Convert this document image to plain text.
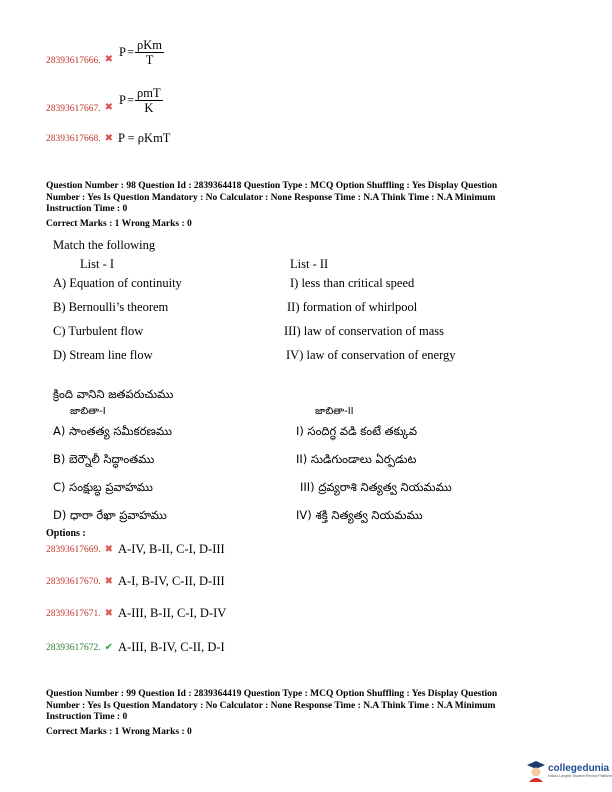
28393617666. ✖
$P = \frac{\text{ρKm}}{T}$
28393617667. ✖
$P = \frac{\text{ρmT}}{K}$
28393617668. ✖ P = ρKmT
Question Number : 98 Question Id : 2839364418 Question Type : MCQ Option Shuffling : Yes Display Question
Number : Yes Is Question Mandatory : No Calculator : None Response Time : N.A Think Time : N.A Minimum
Instruction Time : 0
Correct Marks : 1 Wrong Marks : 0
Match the following
List - I	List - II
A) Equation of continuity
B) Bernoulli’s theorem
C) Turbulent flow
D) Stream line flow
I) less than critical speed
II) formation of whirlpool
III) law of conservation of mass
IV) law of conservation of energy
క్రింది వానిని జతపరుచుము
జాబితా-I	జాబితా-II
A) సాంతత్య సమీకరణము
B) బెర్నౌలీ సిద్ధాంతము
C) సంక్షుబ్ధ ప్రవాహము
D) ధారా రేఖా ప్రవాహము
I) సందిగ్ధ వడి కంటే తక్కువ
II) సుడిగుండాలు ఏర్పడుట
III) ద్రవ్యరాశి నిత్యత్వ నియమము
IV) శక్తి నిత్యత్వ నియమము
Options :
28393617669. ✖ A-IV, B-II, C-I, D-III
28393617670. ✖ A-I, B-IV, C-II, D-III
28393617671. ✖ A-III, B-II, C-I, D-IV
28393617672. ✔ A-III, B-IV, C-II, D-I
Question Number : 99 Question Id : 2839364419 Question Type : MCQ Option Shuffling : Yes Display Question
Number : Yes Is Question Mandatory : No Calculator : None Response Time : N.A Think Time : N.A Minimum
Instruction Time : 0
Correct Marks : 1 Wrong Marks : 0
collegedunia
India's Largest Student Review Platform
